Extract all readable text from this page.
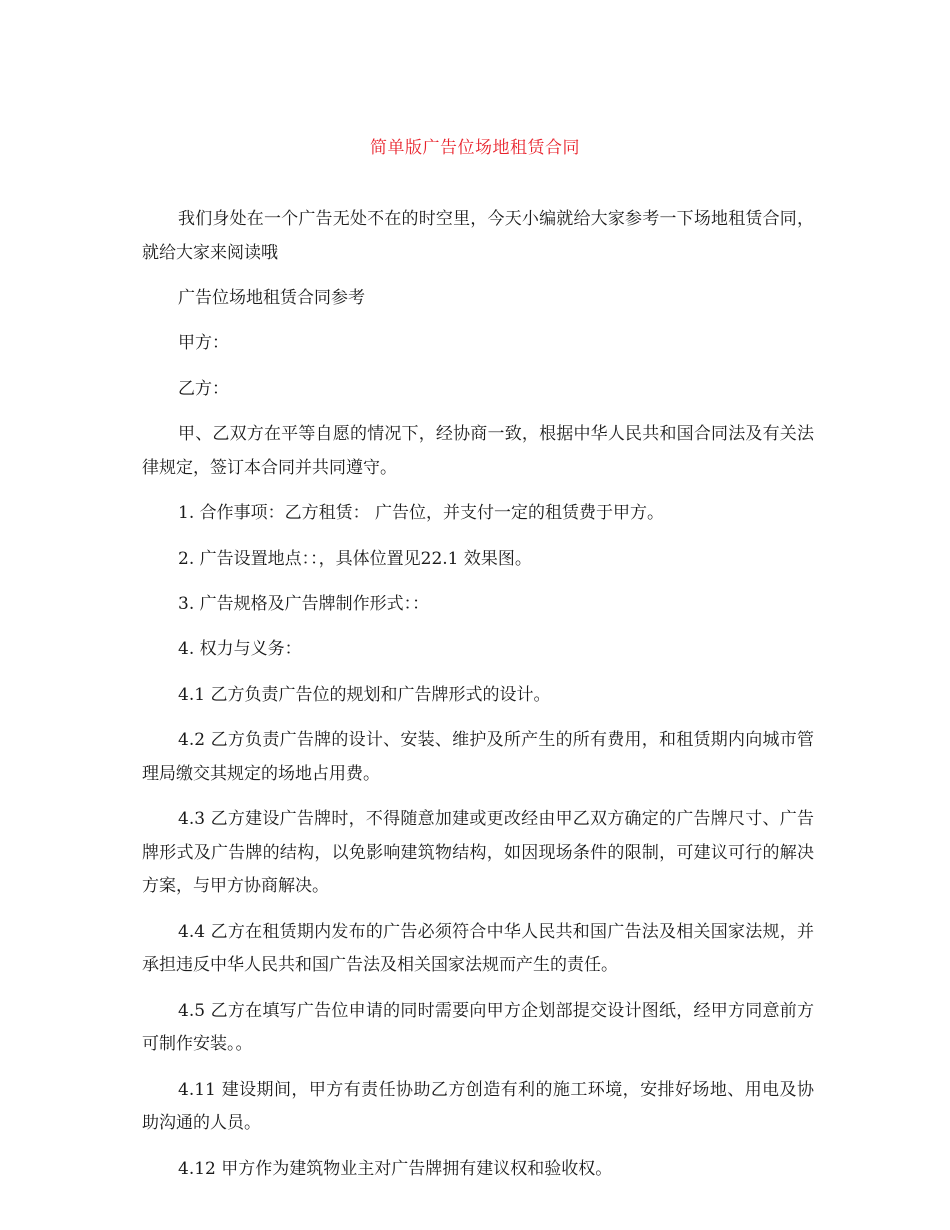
简单版广告位场地租赁合同

我们身处在一个广告无处不在的时空里，今天小编就给大家参考一下场地租赁合同，就给大家来阅读哦

广告位场地租赁合同参考

甲方：

乙方：

甲、乙双方在平等自愿的情况下，经协商一致，根据中华人民共和国合同法及有关法律规定，签订本合同并共同遵守。

1. 合作事项：乙方租赁： 广告位，并支付一定的租赁费于甲方。

2. 广告设置地点：：，具体位置见22.1 效果图。

3. 广告规格及广告牌制作形式：：

4. 权力与义务：

4.1 乙方负责广告位的规划和广告牌形式的设计。

4.2 乙方负责广告牌的设计、安装、维护及所产生的所有费用，和租赁期内向城市管理局缴交其规定的场地占用费。

4.3 乙方建设广告牌时，不得随意加建或更改经由甲乙双方确定的广告牌尺寸、广告牌形式及广告牌的结构，以免影响建筑物结构，如因现场条件的限制，可建议可行的解决方案，与甲方协商解决。

4.4 乙方在租赁期内发布的广告必须符合中华人民共和国广告法及相关国家法规，并承担违反中华人民共和国广告法及相关国家法规而产生的责任。

4.5 乙方在填写广告位申请的同时需要向甲方企划部提交设计图纸，经甲方同意前方可制作安装。。

4.11 建设期间，甲方有责任协助乙方创造有利的施工环境，安排好场地、用电及协助沟通的人员。

4.12 甲方作为建筑物业主对广告牌拥有建议权和验收权。
